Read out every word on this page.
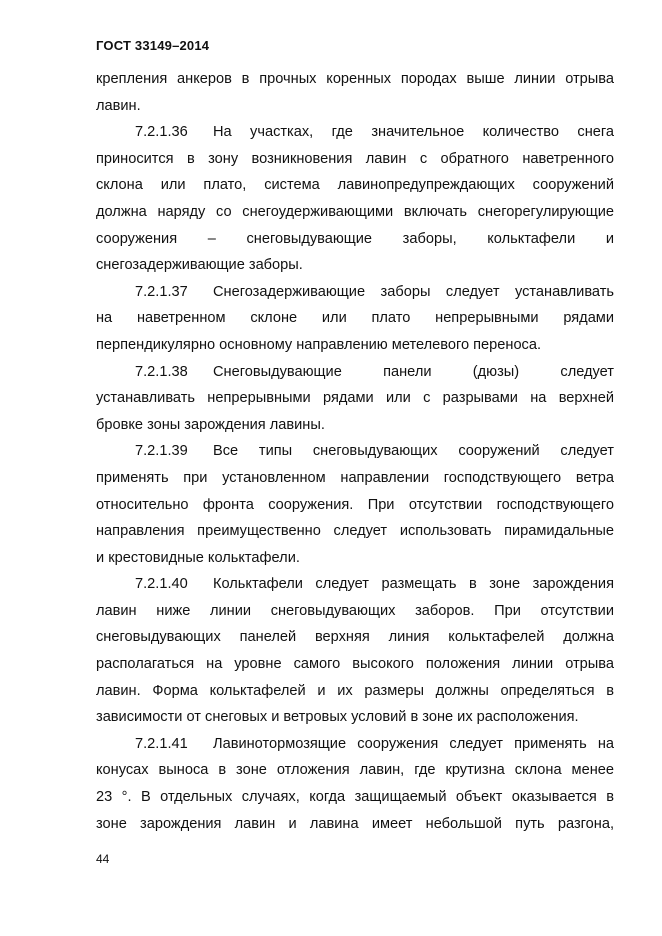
ГОСТ 33149–2014
крепления анкеров в прочных коренных породах выше линии отрыва
лавин.
7.2.1.36 На участках, где значительное количество снега
приносится в зону возникновения лавин с обратного наветренного
склона или плато, система лавинопредупреждающих сооружений
должна наряду со снегоудерживающими включать снегорегулирующие
сооружения – снеговыдувающие заборы, кольктафели и
снегозадерживающие заборы.
7.2.1.37 Снегозадерживающие заборы следует устанавливать
на наветренном склоне или плато непрерывными рядами
перпендикулярно основному направлению метелевого переноса.
7.2.1.38 Снеговыдувающие панели (дюзы) следует
устанавливать непрерывными рядами или с разрывами на верхней
бровке зоны зарождения лавины.
7.2.1.39 Все типы снеговыдувающих сооружений следует
применять при установленном направлении господствующего ветра
относительно фронта сооружения. При отсутствии господствующего
направления преимущественно следует использовать пирамидальные
и крестовидные кольктафели.
7.2.1.40 Кольктафели следует размещать в зоне зарождения
лавин ниже линии снеговыдувающих заборов. При отсутствии
снеговыдувающих панелей верхняя линия кольктафелей должна
располагаться на уровне самого высокого положения линии отрыва
лавин. Форма кольктафелей и их размеры должны определяться в
зависимости от снеговых и ветровых условий в зоне их расположения.
7.2.1.41 Лавинотормозящие сооружения следует применять на
конусах выноса в зоне отложения лавин, где крутизна склона менее
23 °. В отдельных случаях, когда защищаемый объект оказывается в
зоне зарождения лавин и лавина имеет небольшой путь разгона,
44
